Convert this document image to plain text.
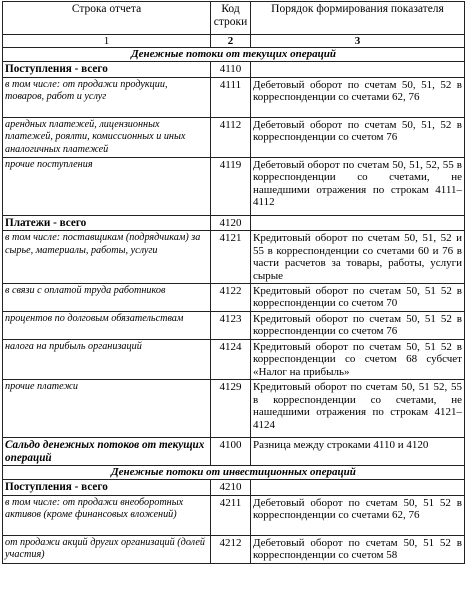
Строка отчета	Код строки	Порядок формирования показателя
1	2	3
Денежные потоки от текущих операций		
Поступления - всего	4110	
в том числе: от продажи продукции, товаров, работ и услуг	4111	Дебетовый оборот по счетам 50, 51, 52 в корреспонденции со счетами 62, 76
арендных платежей, лицензионных платежей, роялти, комиссионных и иных аналогичных платежей	4112	Дебетовый оборот по счетам 50, 51, 52 в корреспонденции со счетом 76
прочие поступления	4119	Дебетовый оборот по счетам 50, 51, 52, 55 в корреспонденции со счетами, не нашедшими отражения по строкам 4111–4112
Платежи - всего	4120	
в том числе: поставщикам (подрядчикам) за сырье, материалы, работы, услуги	4121	Кредитовый оборот по счетам 50, 51, 52 и 55 в корреспонденции со счетами 60 и 76 в части расчетов за товары, работы, услуги сырые
в связи с оплатой труда работников	4122	Кредитовый оборот по счетам 50, 51 52 в корреспонденции со счетом 70
процентов по долговым обязательствам	4123	Кредитовый оборот по счетам 50, 51 52 в корреспонденции со счетом 76
налога на прибыль организаций	4124	Кредитовый оборот по счетам 50, 51 52 в корреспонденции со счетом 68 субсчет «Налог на прибыль»
прочие платежи	4129	Кредитовый оборот по счетам 50, 51 52, 55 в корреспонденции со счетами, не нашедшими отражения по строкам 4121–4124
Сальдо денежных потоков от текущих операций	4100	Разница между строками 4110 и 4120
Денежные потоки от инвестиционных операций		
Поступления - всего	4210	
в том числе: от продажи внеоборотных активов (кроме финансовых вложений)	4211	Дебетовый оборот по счетам 50, 51 52 в корреспонденции со счетами 62, 76
от продажи акций других организаций (долей участия)	4212	Дебетовый оборот по счетам 50, 51 52 в корреспонденции со счетом 58
